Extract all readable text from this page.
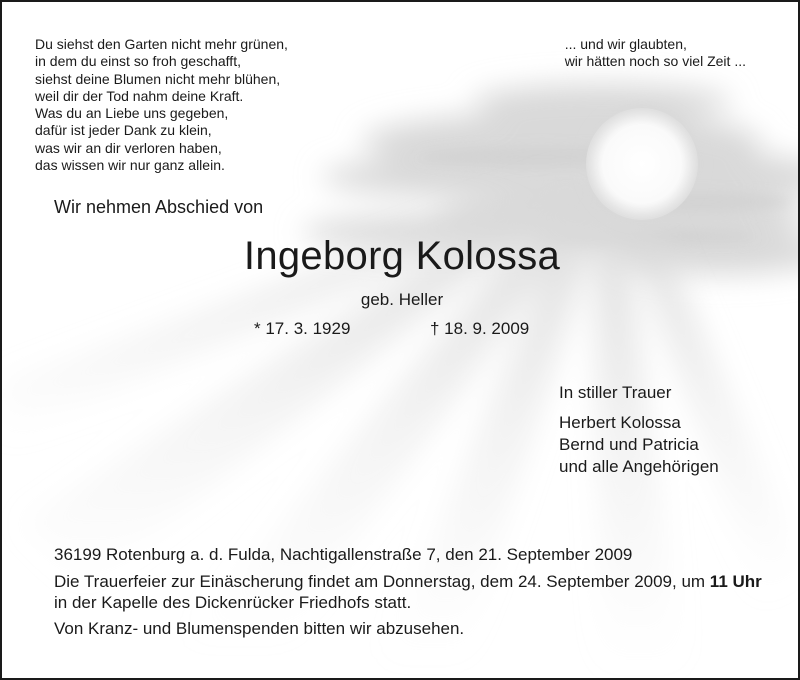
Du siehst den Garten nicht mehr grünen,
in dem du einst so froh geschafft,
siehst deine Blumen nicht mehr blühen,
weil dir der Tod nahm deine Kraft.
Was du an Liebe uns gegeben,
dafür ist jeder Dank zu klein,
was wir an dir verloren haben,
das wissen wir nur ganz allein.
... und wir glaubten,
wir hätten noch so viel Zeit ...
Wir nehmen Abschied von
Ingeborg Kolossa
geb. Heller
* 17. 3. 1929	† 18. 9. 2009
In stiller Trauer
Herbert Kolossa
Bernd und Patricia
und alle Angehörigen

36199 Rotenburg a. d. Fulda, Nachtigallenstraße 7, den 21. September 2009

Die Trauerfeier zur Einäscherung findet am Donnerstag, dem 24. September 2009, um 11 Uhr in der Kapelle des Dickenrücker Friedhofs statt.

Von Kranz- und Blumenspenden bitten wir abzusehen.
